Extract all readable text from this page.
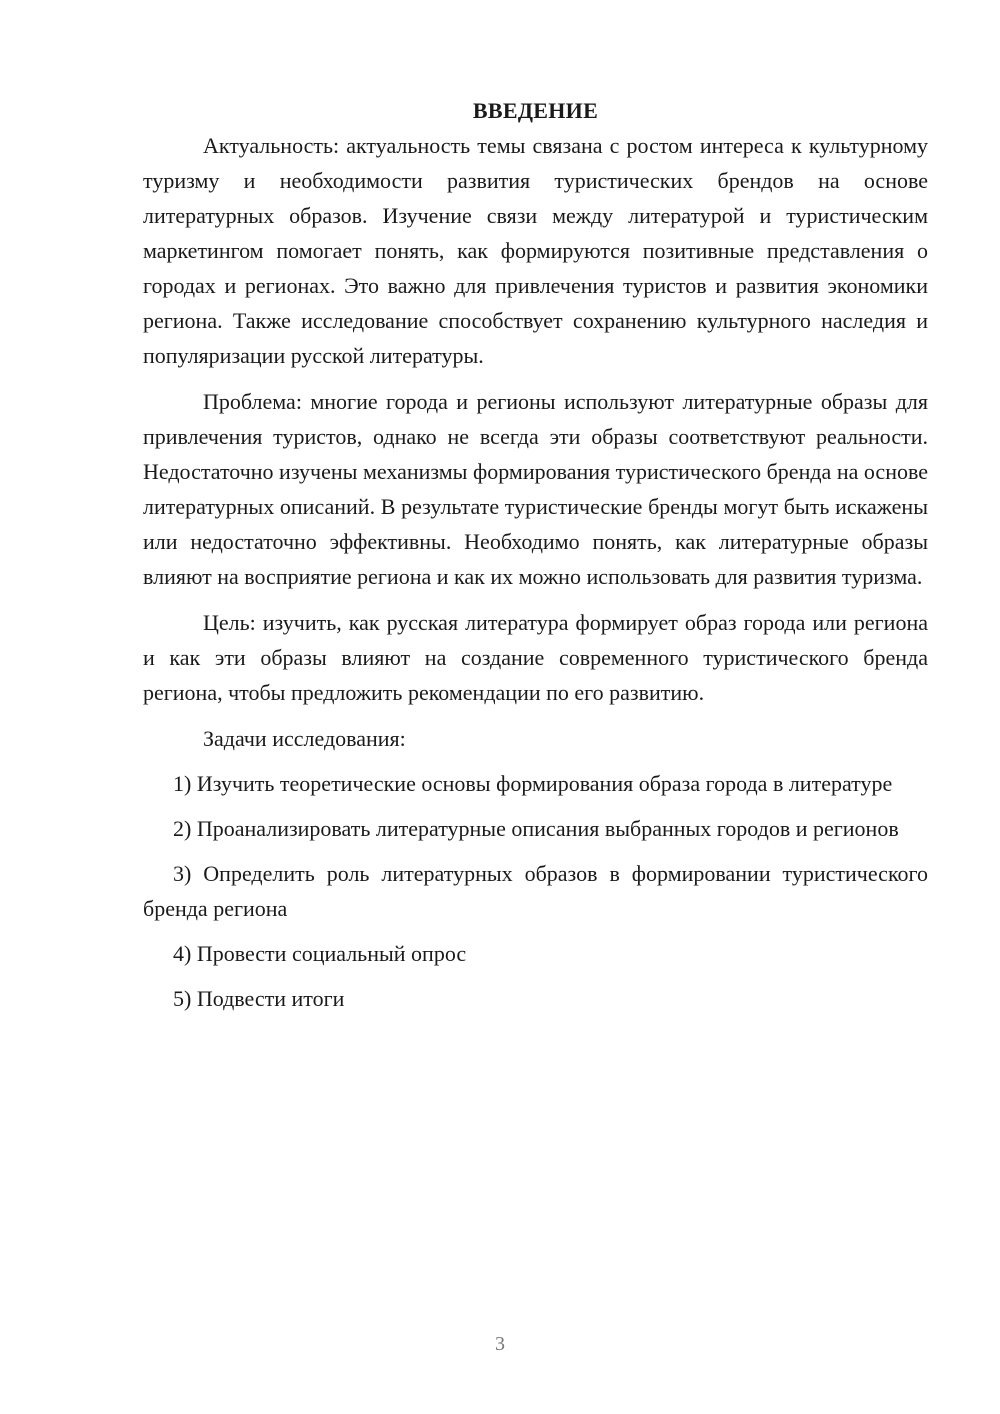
ВВЕДЕНИЕ

Актуальность: актуальность темы связана с ростом интереса к культурному туризму и необходимости развития туристических брендов на основе литературных образов. Изучение связи между литературой и туристическим маркетингом помогает понять, как формируются позитивные представления о городах и регионах. Это важно для привлечения туристов и развития экономики региона. Также исследование способствует сохранению культурного наследия и популяризации русской литературы.

Проблема: многие города и регионы используют литературные образы для привлечения туристов, однако не всегда эти образы соответствуют реальности. Недостаточно изучены механизмы формирования туристического бренда на основе литературных описаний. В результате туристические бренды могут быть искажены или недостаточно эффективны. Необходимо понять, как литературные образы влияют на восприятие региона и как их можно использовать для развития туризма.

Цель: изучить, как русская литература формирует образ города или региона и как эти образы влияют на создание современного туристического бренда региона, чтобы предложить рекомендации по его развитию.

Задачи исследования:

1) Изучить теоретические основы формирования образа города в литературе

2) Проанализировать литературные описания выбранных городов и регионов

3) Определить роль литературных образов в формировании туристического бренда региона

4) Провести социальный опрос

5) Подвести итоги

3
